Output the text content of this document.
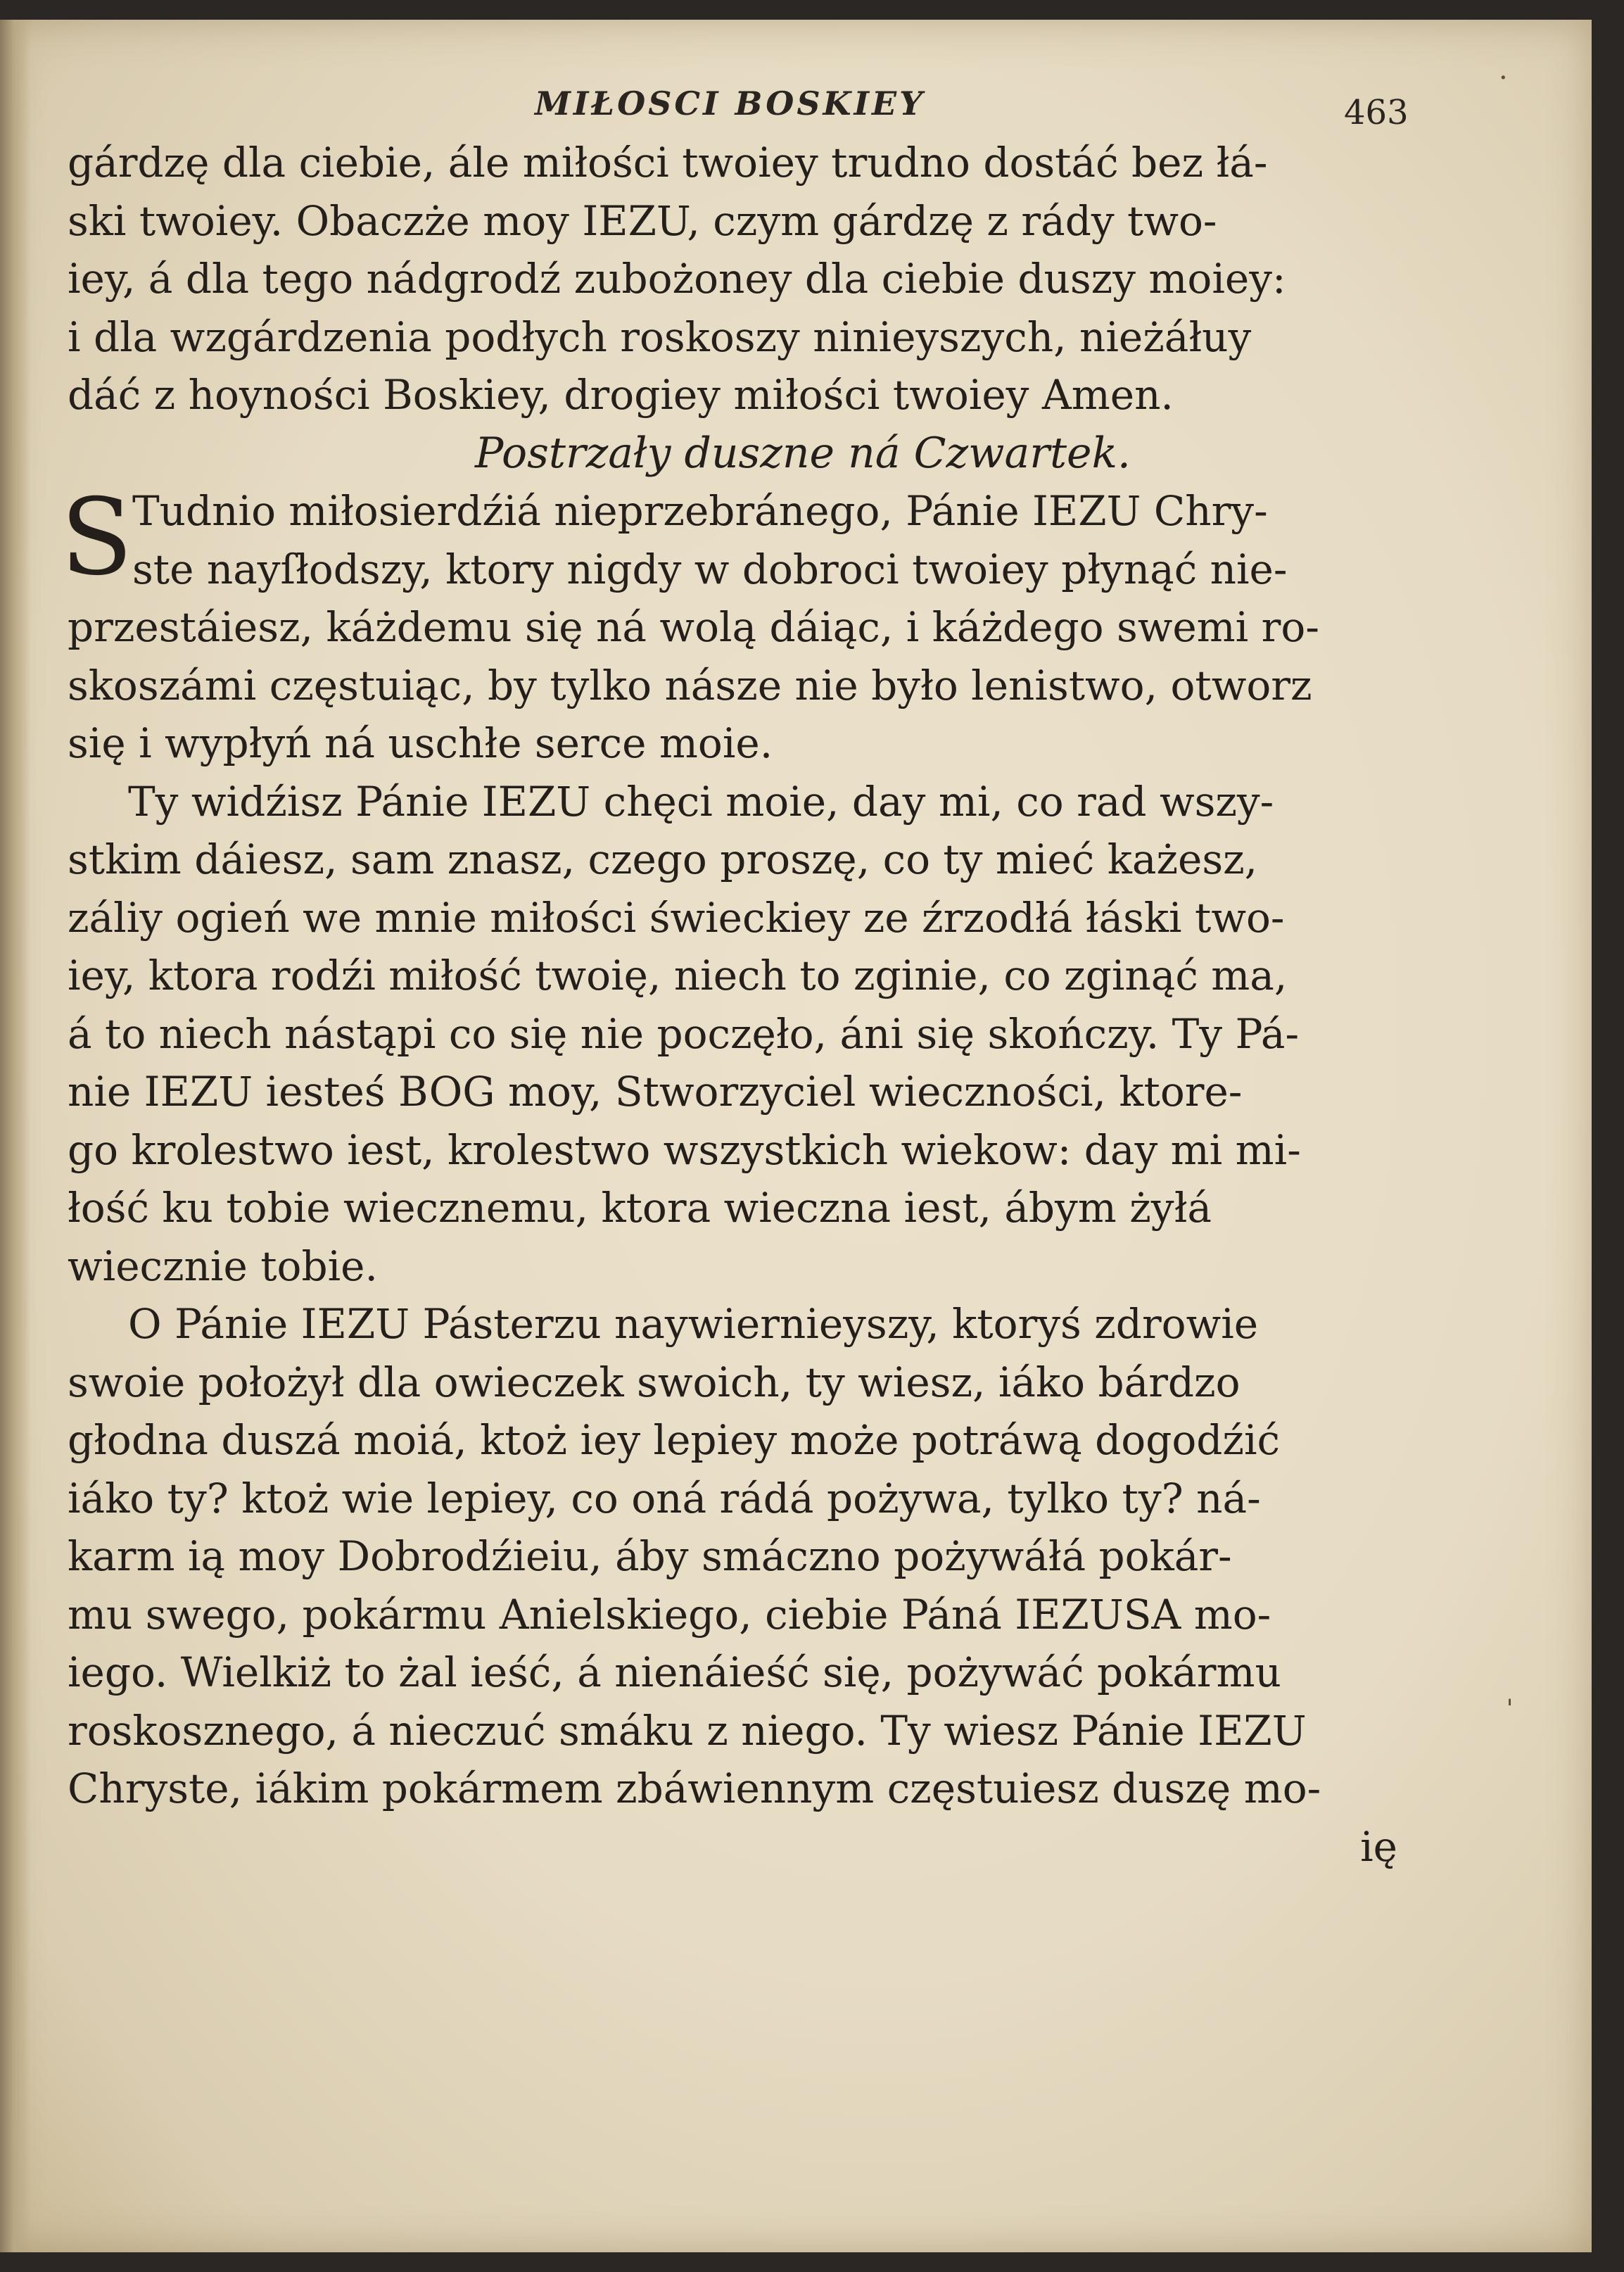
MIŁOSCI BOSKIEY	463
gárdzę dla ciebie, ále miłości twoiey trudno dostáć bez łá-
ski twoiey. Obaczże moy IEZU, czym gárdzę z rády two-
iey, á dla tego nádgrodź zubożoney dla ciebie duszy moiey:
i dla wzgárdzenia podłych roskoszy ninieyszych, nieżáłuy
dáć z hoyności Boskiey, drogiey miłości twoiey Amen.
Postrzały duszne ná Czwartek.
S Tudnio miłosierdźiá nieprzebránego, Pánie IEZU Chry-
ste nayſłodszy, ktory nigdy w dobroci twoiey płynąć nie-
przestáiesz, káżdemu się ná wolą dáiąc, i káżdego swemi ro-
skoszámi częstuiąc, by tylko násze nie było lenistwo, otworz
się i wypłyń ná uschłe serce moie.
Ty widźisz Pánie IEZU chęci moie, day mi, co rad wszy-
stkim dáiesz, sam znasz, czego proszę, co ty mieć każesz,
záliy ogień we mnie miłości świeckiey ze źrzodłá łáski two-
iey, ktora rodźi miłość twoię, niech to zginie, co zginąć ma,
á to niech nástąpi co się nie poczęło, áni się skończy. Ty Pá-
nie IEZU iesteś BOG moy, Stworzyciel wieczności, ktore-
go krolestwo iest, krolestwo wszystkich wiekow: day mi mi-
łość ku tobie wiecznemu, ktora wieczna iest, ábym żyłá
wiecznie tobie.
O Pánie IEZU Pásterzu naywiernieyszy, ktoryś zdrowie
swoie położył dla owieczek swoich, ty wiesz, iáko bárdzo
głodna duszá moiá, ktoż iey lepiey może potráwą dogodźić
iáko ty? ktoż wie lepiey, co oná rádá pożywa, tylko ty? ná-
karm ią moy Dobrodźieiu, áby smáczno pożywáłá pokár-
mu swego, pokármu Anielskiego, ciebie Páná IEZUSA mo-
iego. Wielkiż to żal ieść, á nienáieść się, pożywáć pokármu
roskosznego, á nieczuć smáku z niego. Ty wiesz Pánie IEZU
Chryste, iákim pokármem zbáwiennym częstuiesz duszę mo-
ię
·
ˈ
